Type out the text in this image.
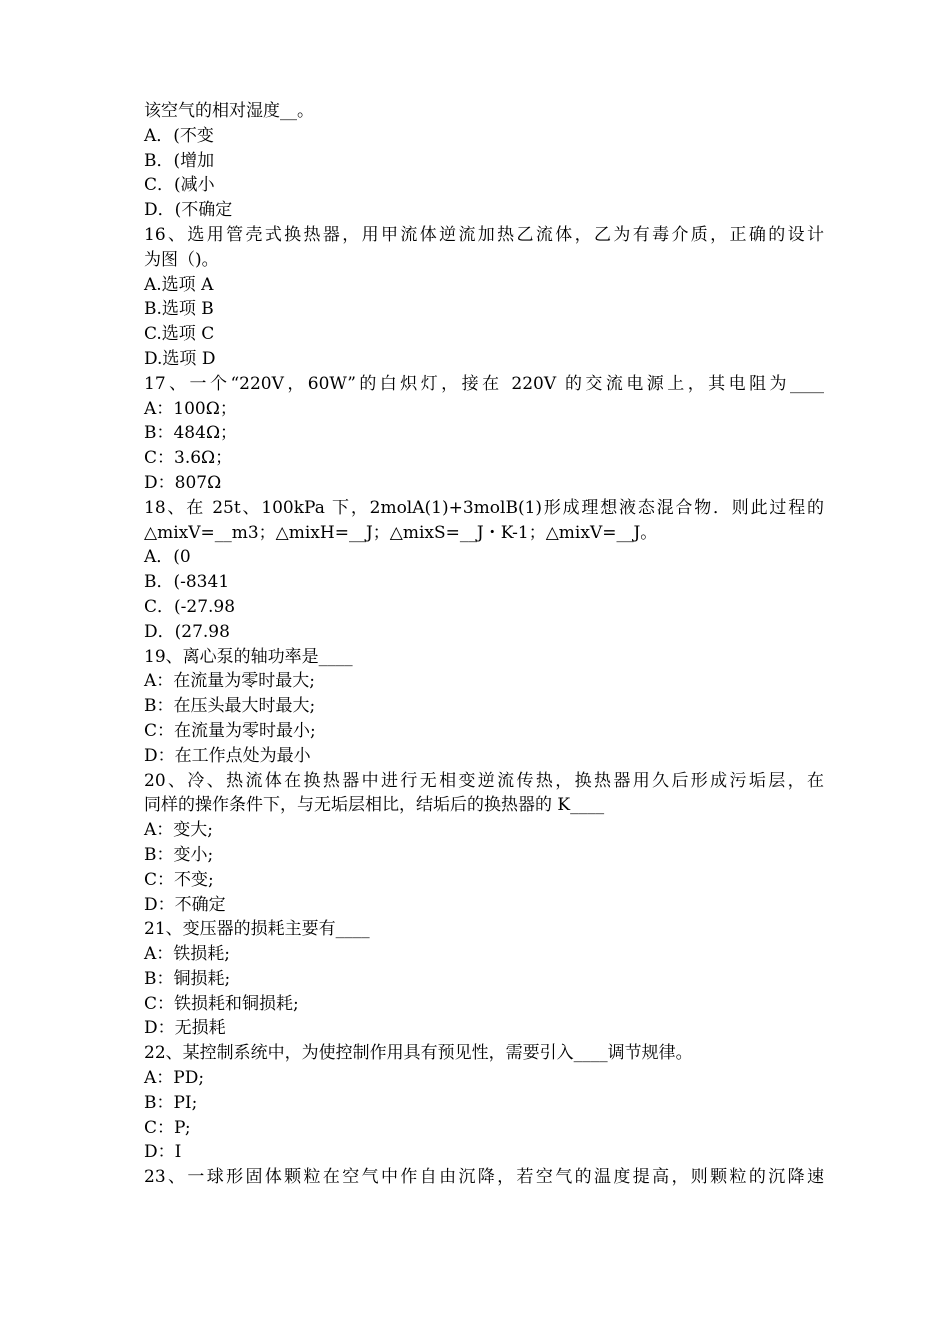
该空气的相对湿度__。
A．(不变
B．(增加
C．(减小
D．(不确定
16、选用管壳式换热器，用甲流体逆流加热乙流体，乙为有毒介质，正确的设计
为图（)。
A.选项 A
B.选项 B
C.选项 C
D.选项 D
17、一个“220V，60W”的白炽灯，接在 220V 的交流电源上，其电阻为____
A：100Ω；
B：484Ω；
C：3.6Ω；
D：807Ω
18、在 25t、100kPa 下，2molA(1)+3molB(1)形成理想液态混合物．则此过程的
△mixV=__m3；△mixH=__J；△mixS=__J・K-1；△mixV=__J。
A．(0
B．(-8341
C．(-27.98
D．(27.98
19、离心泵的轴功率是____
A：在流量为零时最大;
B：在压头最大时最大;
C：在流量为零时最小;
D：在工作点处为最小
20、冷、热流体在换热器中进行无相变逆流传热，换热器用久后形成污垢层，在
同样的操作条件下，与无垢层相比，结垢后的换热器的 K____
A：变大;
B：变小;
C：不变;
D：不确定
21、变压器的损耗主要有____
A：铁损耗;
B：铜损耗;
C：铁损耗和铜损耗;
D：无损耗
22、某控制系统中，为使控制作用具有预见性，需要引入____调节规律。
A：PD;
B：PI;
C：P;
D：I
23、一球形固体颗粒在空气中作自由沉降，若空气的温度提高，则颗粒的沉降速
